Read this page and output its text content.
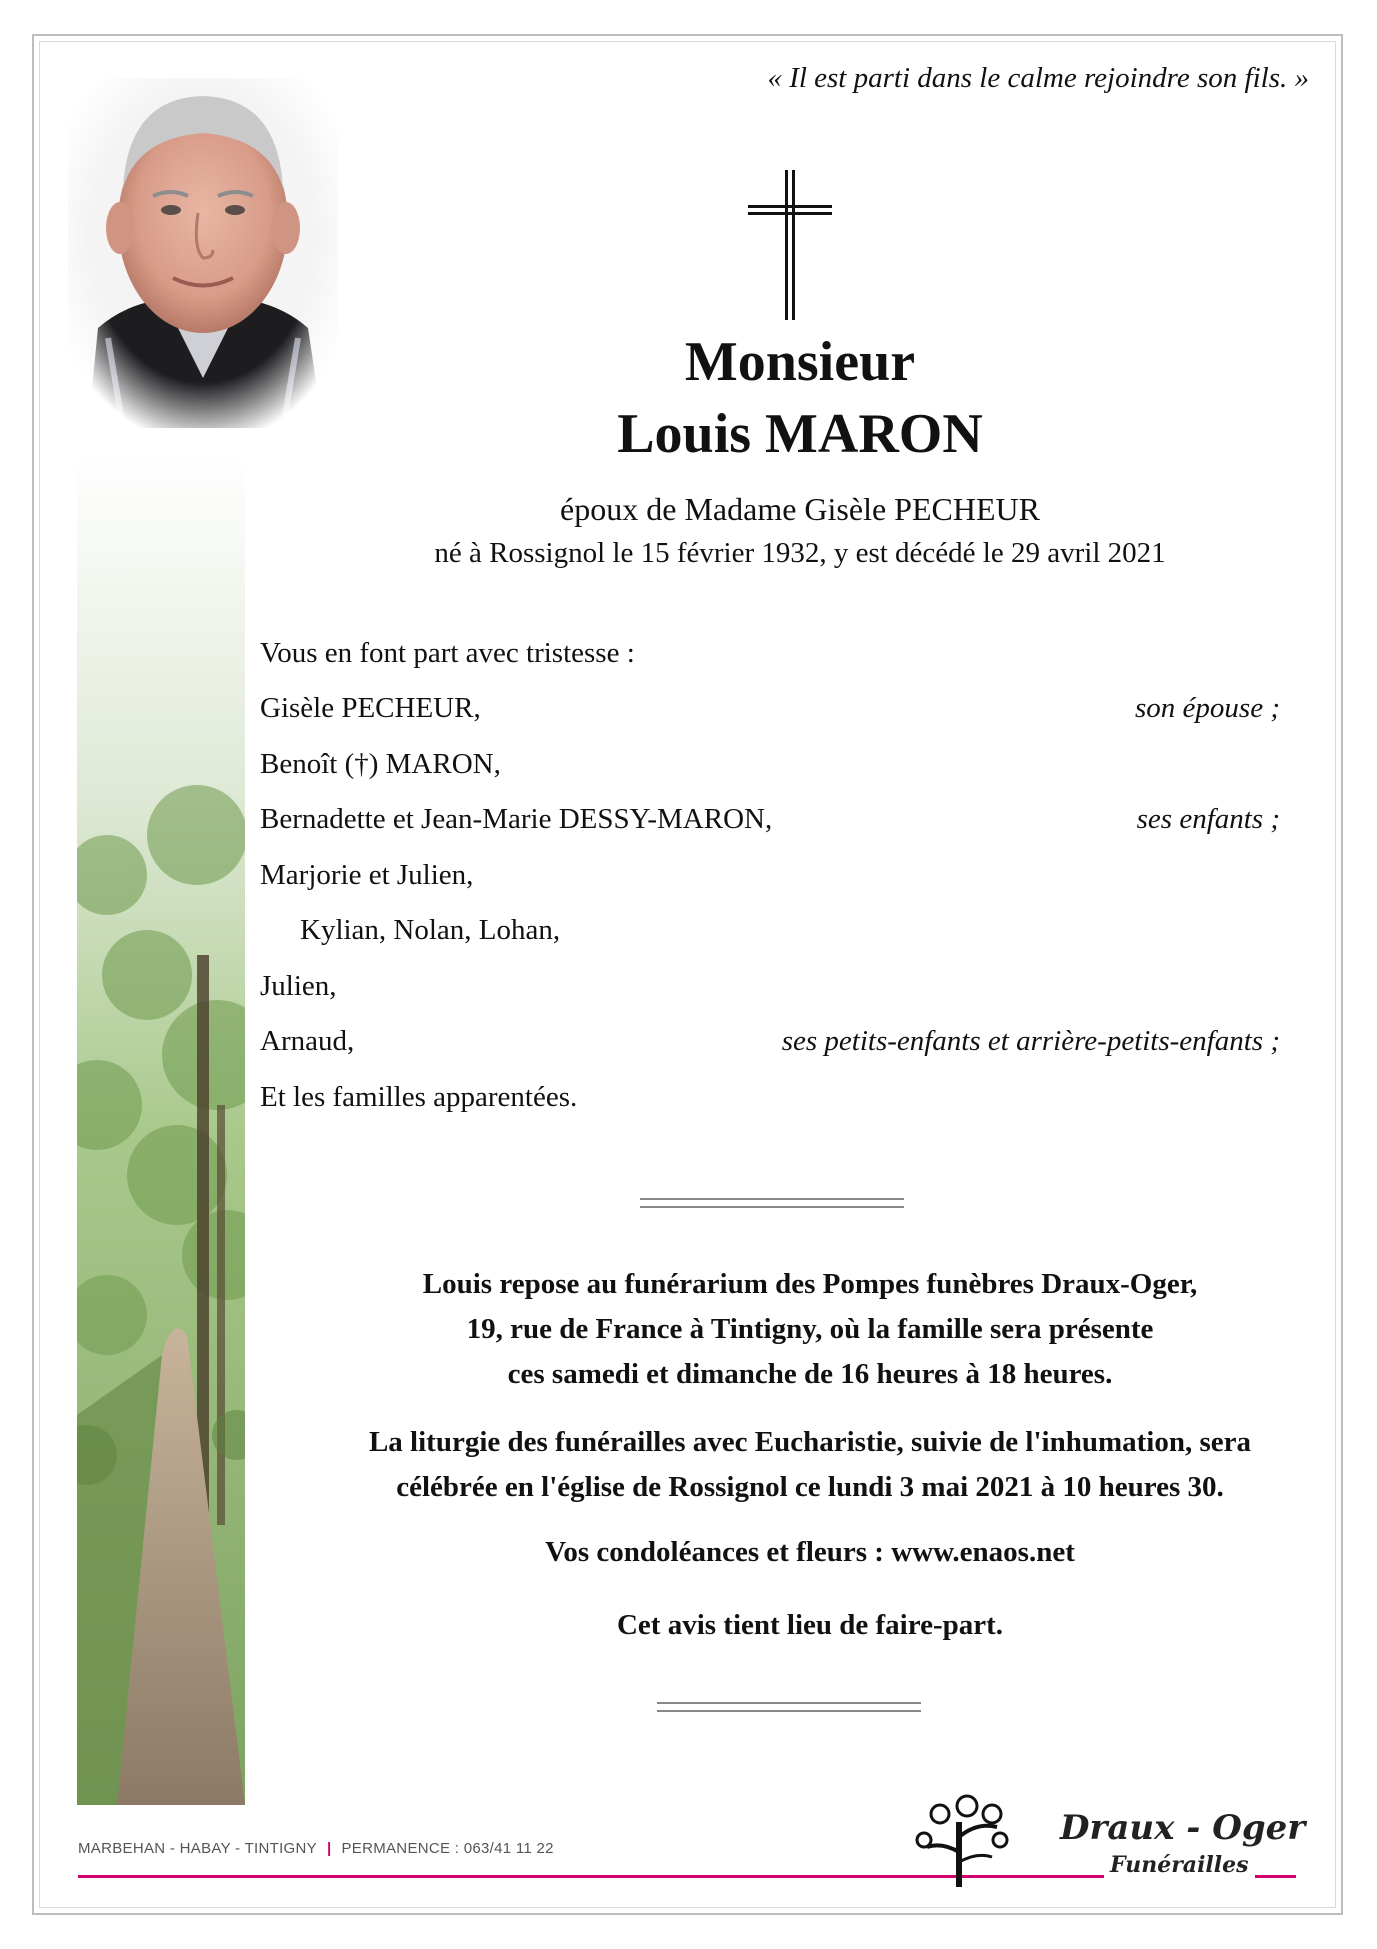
« Il est parti dans le calme rejoindre son fils. »
Monsieur
Louis MARON
époux de Madame Gisèle PECHEUR
né à Rossignol le 15 février 1932, y est décédé le 29 avril 2021
Vous en font part avec tristesse :
Gisèle PECHEUR,	son épouse ;
Benoît (†) MARON,
Bernadette et Jean-Marie DESSY-MARON,	ses enfants ;
Marjorie et Julien,
Kylian, Nolan, Lohan,
Julien,
Arnaud,	ses petits-enfants et arrière-petits-enfants ;
Et les familles apparentées.
Louis repose au funérarium des Pompes funèbres Draux-Oger,
19, rue de France à Tintigny, où la famille sera présente
ces samedi et dimanche de 16 heures à 18 heures.
La liturgie des funérailles avec Eucharistie, suivie de l'inhumation, sera
célébrée en l'église de Rossignol ce lundi 3 mai 2021 à 10 heures 30.
Vos condoléances et fleurs : www.enaos.net
Cet avis tient lieu de faire-part.
MARBEHAN - HABAY - TINTIGNY | PERMANENCE : 063/41 11 22
Draux - Oger
Funérailles
